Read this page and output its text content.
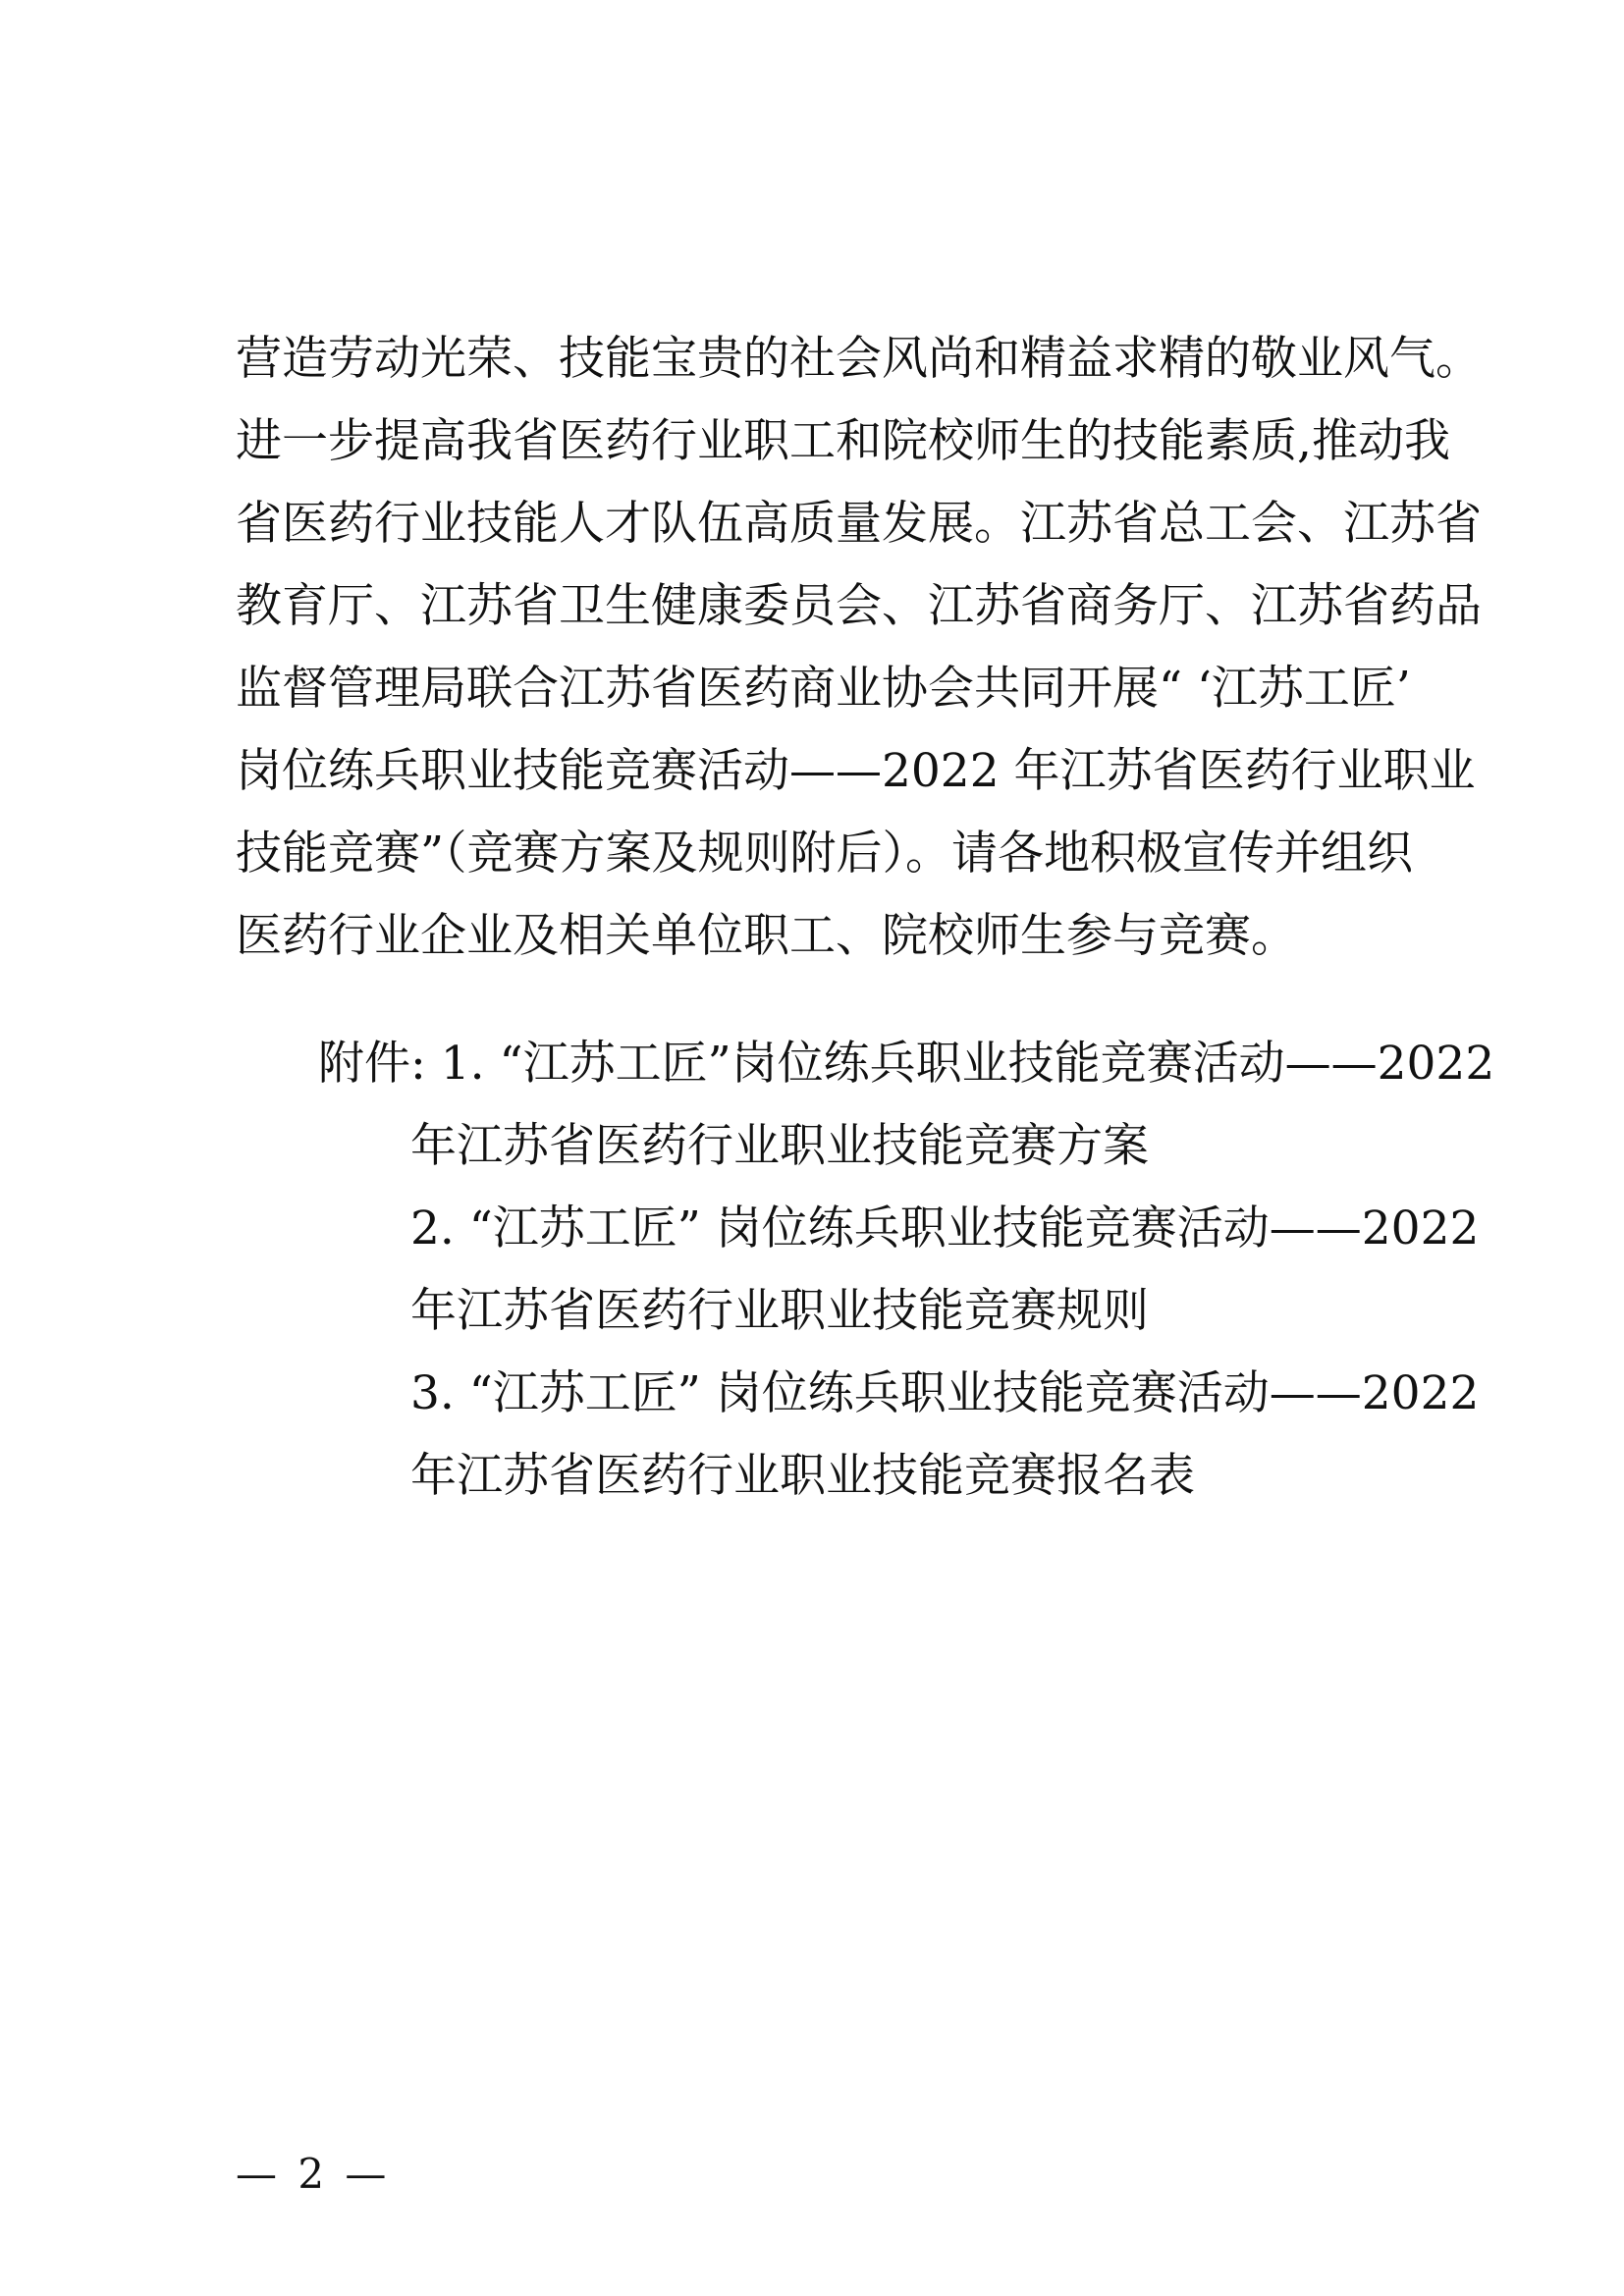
营造劳动光荣、技能宝贵的社会风尚和精益求精的敬业风气。
进一步提高我省医药行业职工和院校师生的技能素质,推动我
省医药行业技能人才队伍高质量发展。江苏省总工会、江苏省
教育厅、江苏省卫生健康委员会、江苏省商务厅、江苏省药品
监督管理局联合江苏省医药商业协会共同开展“ ‘江苏工匠’
岗位练兵职业技能竞赛活动——2022 年江苏省医药行业职业
技能竞赛”（竞赛方案及规则附后）。请各地积极宣传并组织
医药行业企业及相关单位职工、院校师生参与竞赛。
附件: 1. “江苏工匠”岗位练兵职业技能竞赛活动——2022
年江苏省医药行业职业技能竞赛方案
2. “江苏工匠” 岗位练兵职业技能竞赛活动——2022
年江苏省医药行业职业技能竞赛规则
3. “江苏工匠” 岗位练兵职业技能竞赛活动——2022
年江苏省医药行业职业技能竞赛报名表
— 2 —
